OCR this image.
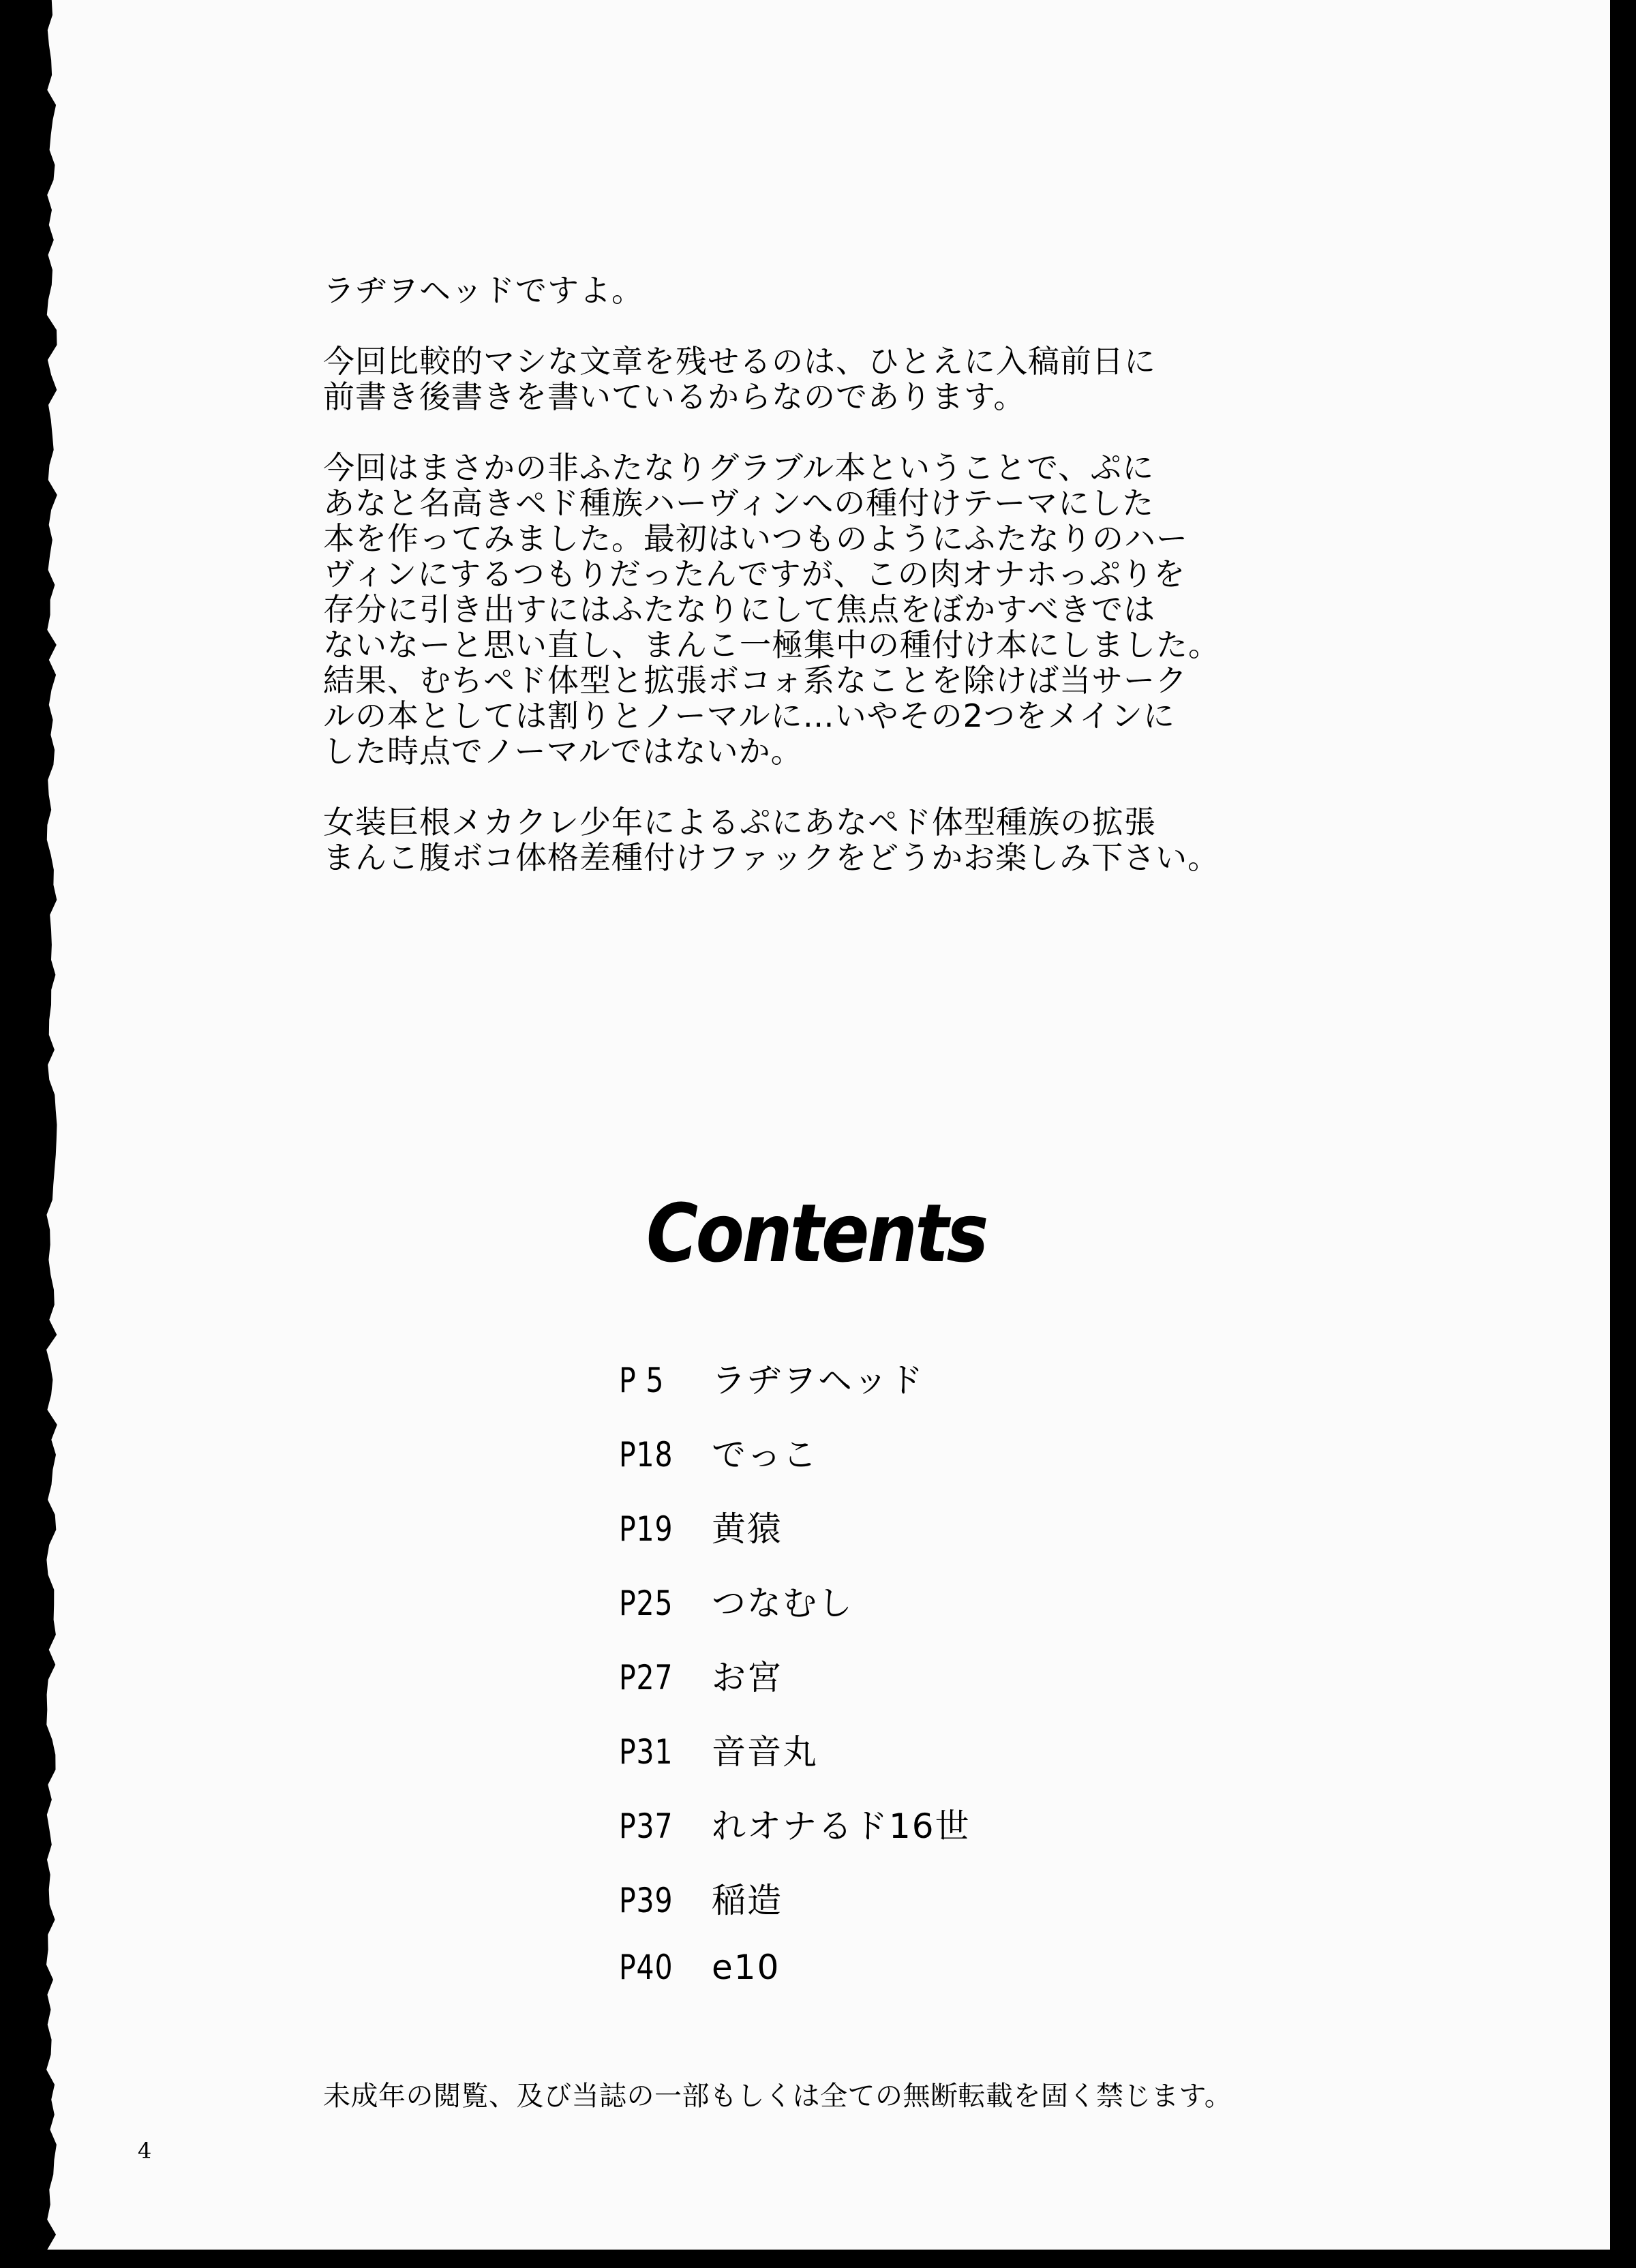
ラヂヲヘッドですよ。

今回比較的マシな文章を残せるのは、ひとえに入稿前日に
前書き後書きを書いているからなのであります。

今回はまさかの非ふたなりグラブル本ということで、ぷに
あなと名高きペド種族ハーヴィンへの種付けテーマにした
本を作ってみました。最初はいつものようにふたなりのハー
ヴィンにするつもりだったんですが、この肉オナホっぷりを
存分に引き出すにはふたなりにして焦点をぼかすべきでは
ないなーと思い直し、まんこ一極集中の種付け本にしました。
結果、むちペド体型と拡張ボコォ系なことを除けば当サーク
ルの本としては割りとノーマルに…いやその2つをメインに
した時点でノーマルではないか。

女装巨根メカクレ少年によるぷにあなペド体型種族の拡張
まんこ腹ボコ体格差種付けファックをどうかお楽しみ下さい。

Contents
P 5	ラヂヲヘッド
P18	でっこ
P19	黄猿
P25	つなむし
P27	お宮
P31	音音丸
P37	れオナるド16世
P39	稲造
P40	e10
未成年の閲覧、及び当誌の一部もしくは全ての無断転載を固く禁じます。
4
